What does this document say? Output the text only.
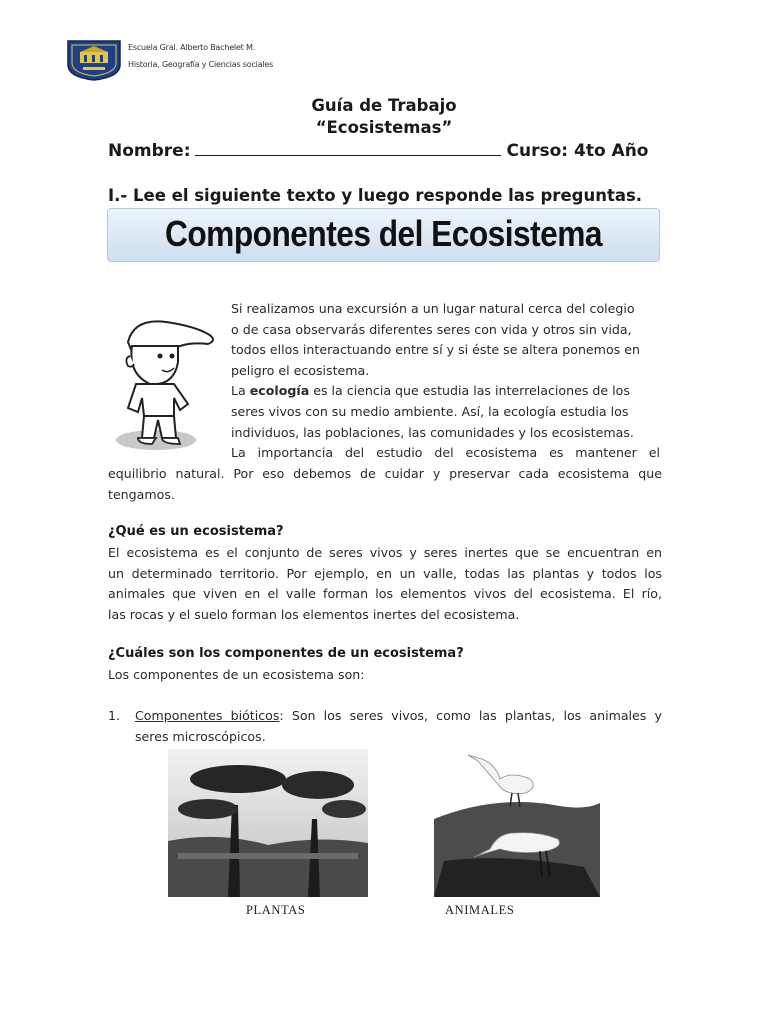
Escuela Gral. Alberto Bachelet M.
Historia, Geografía y Ciencias sociales
Guía de Trabajo
“Ecosistemas”
Nombre:	Curso: 4to Año
I.- Lee el siguiente texto y luego responde las preguntas.
Componentes del Ecosistema
Si realizamos una excursión a un lugar natural cerca del colegio
o de casa observarás diferentes seres con vida y otros sin vida,
todos ellos interactuando entre sí y si éste se altera ponemos en
peligro el ecosistema.
La ecología es la ciencia que estudia las interrelaciones de los
seres vivos con su medio ambiente. Así, la ecología estudia los
individuos, las poblaciones, las comunidades y los ecosistemas.
La importancia del estudio del ecosistema es mantener el
equilibrio natural. Por eso debemos de cuidar y preservar cada ecosistema que
tengamos.
¿Qué es un ecosistema?
El ecosistema es el conjunto de seres vivos y seres inertes que se encuentran en
un determinado territorio. Por ejemplo, en un valle, todas las plantas y todos los
animales que viven en el valle forman los elementos vivos del ecosistema. El río,
las rocas y el suelo forman los elementos inertes del ecosistema.
¿Cuáles son los componentes de un ecosistema?
Los componentes de un ecosistema son:
1. Componentes bióticos: Son los seres vivos, como las plantas, los animales y
seres microscópicos.
PLANTAS	ANIMALES
